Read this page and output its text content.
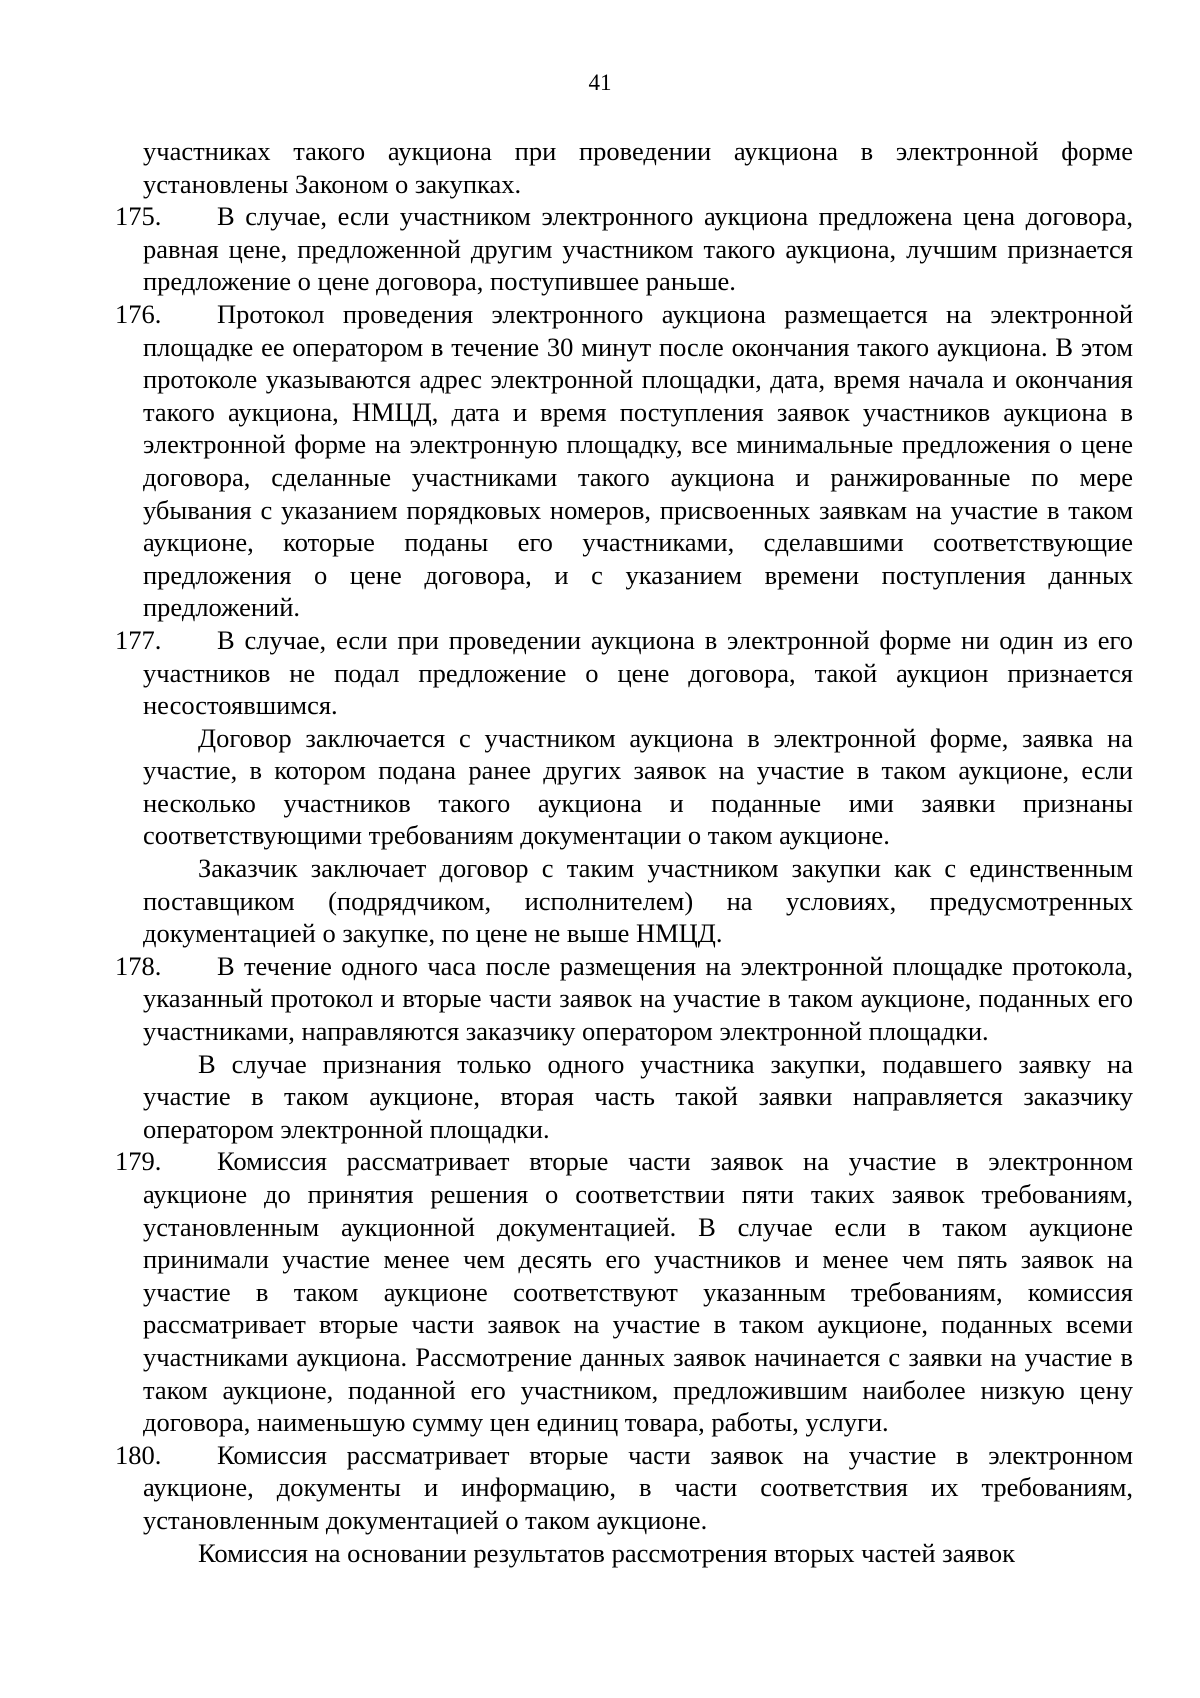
41

участниках такого аукциона при проведении аукциона в электронной форме установлены Законом о закупках.

175.	В случае, если участником электронного аукциона предложена цена договора, равная цене, предложенной другим участником такого аукциона, лучшим признается предложение о цене договора, поступившее раньше.

176.	Протокол проведения электронного аукциона размещается на электронной площадке ее оператором в течение 30 минут после окончания такого аукциона. В этом протоколе указываются адрес электронной площадки, дата, время начала и окончания такого аукциона, НМЦД, дата и время поступления заявок участников аукциона в электронной форме на электронную площадку, все минимальные предложения о цене договора, сделанные участниками такого аукциона и ранжированные по мере убывания с указанием порядковых номеров, присвоенных заявкам на участие в таком аукционе, которые поданы его участниками, сделавшими соответствующие предложения о цене договора, и с указанием времени поступления данных предложений.

177.	В случае, если при проведении аукциона в электронной форме ни один из его участников не подал предложение о цене договора, такой аукцион признается несостоявшимся.

Договор заключается с участником аукциона в электронной форме, заявка на участие, в котором подана ранее других заявок на участие в таком аукционе, если несколько участников такого аукциона и поданные ими заявки признаны соответствующими требованиям документации о таком аукционе.

Заказчик заключает договор с таким участником закупки как с единственным поставщиком (подрядчиком, исполнителем) на условиях, предусмотренных документацией о закупке, по цене не выше НМЦД.

178.	В течение одного часа после размещения на электронной площадке протокола, указанный протокол и вторые части заявок на участие в таком аукционе, поданных его участниками, направляются заказчику оператором электронной площадки.

В случае признания только одного участника закупки, подавшего заявку на участие в таком аукционе, вторая часть такой заявки направляется заказчику оператором электронной площадки.

179.	Комиссия рассматривает вторые части заявок на участие в электронном аукционе до принятия решения о соответствии пяти таких заявок требованиям, установленным аукционной документацией. В случае если в таком аукционе принимали участие менее чем десять его участников и менее чем пять заявок на участие в таком аукционе соответствуют указанным требованиям, комиссия рассматривает вторые части заявок на участие в таком аукционе, поданных всеми участниками аукциона. Рассмотрение данных заявок начинается с заявки на участие в таком аукционе, поданной его участником, предложившим наиболее низкую цену договора, наименьшую сумму цен единиц товара, работы, услуги.

180.	Комиссия рассматривает вторые части заявок на участие в электронном аукционе, документы и информацию, в части соответствия их требованиям, установленным документацией о таком аукционе.

Комиссия на основании результатов рассмотрения вторых частей заявок
